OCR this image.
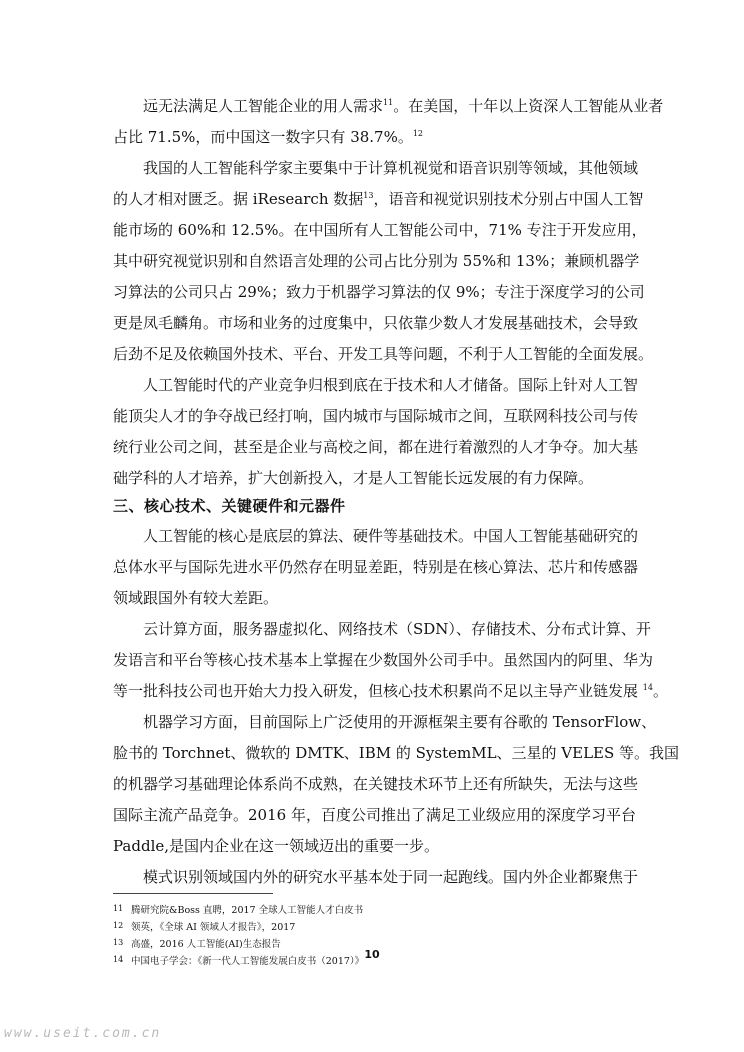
远无法满足人工智能企业的用人需求$^{11}$。在美国，十年以上资深人工智能从业者
占比 71.5%，而中国这一数字只有 38.7%。$^{12}$
我国的人工智能科学家主要集中于计算机视觉和语音识别等领域，其他领域
的人才相对匮乏。据 iResearch 数据$^{13}$，语音和视觉识别技术分别占中国人工智
能市场的 60%和 12.5%。在中国所有人工智能公司中，71% 专注于开发应用，
其中研究视觉识别和自然语言处理的公司占比分别为 55%和 13%；兼顾机器学
习算法的公司只占 29%；致力于机器学习算法的仅 9%；专注于深度学习的公司
更是凤毛麟角。市场和业务的过度集中，只依靠少数人才发展基础技术，会导致
后劲不足及依赖国外技术、平台、开发工具等问题，不利于人工智能的全面发展。
人工智能时代的产业竞争归根到底在于技术和人才储备。国际上针对人工智
能顶尖人才的争夺战已经打响，国内城市与国际城市之间，互联网科技公司与传
统行业公司之间，甚至是企业与高校之间，都在进行着激烈的人才争夺。加大基
础学科的人才培养，扩大创新投入，才是人工智能长远发展的有力保障。
三、核心技术、关键硬件和元器件
人工智能的核心是底层的算法、硬件等基础技术。中国人工智能基础研究的
总体水平与国际先进水平仍然存在明显差距，特别是在核心算法、芯片和传感器
领域跟国外有较大差距。
云计算方面，服务器虚拟化、网络技术（SDN）、存储技术、分布式计算、开
发语言和平台等核心技术基本上掌握在少数国外公司手中。虽然国内的阿里、华为
等一批科技公司也开始大力投入研发，但核心技术积累尚不足以主导产业链发展 $^{14}$。
机器学习方面，目前国际上广泛使用的开源框架主要有谷歌的 TensorFlow、
脸书的 Torchnet、微软的 DMTK、IBM 的 SystemML、三星的 VELES 等。我国
的机器学习基础理论体系尚不成熟，在关键技术环节上还有所缺失，无法与这些
国际主流产品竞争。2016 年，百度公司推出了满足工业级应用的深度学习平台
Paddle,是国内企业在这一领域迈出的重要一步。
模式识别领域国内外的研究水平基本处于同一起跑线。国内外企业都聚焦于
11 腾研究院&Boss 直聘，2017 全球人工智能人才白皮书
12 领英，《全球 AI 领域人才报告》，2017
13 高盛，2016 人工智能(AI)生态报告
14 中国电子学会：《新一代人工智能发展白皮书（2017）》
10
www.useit.com.cn
